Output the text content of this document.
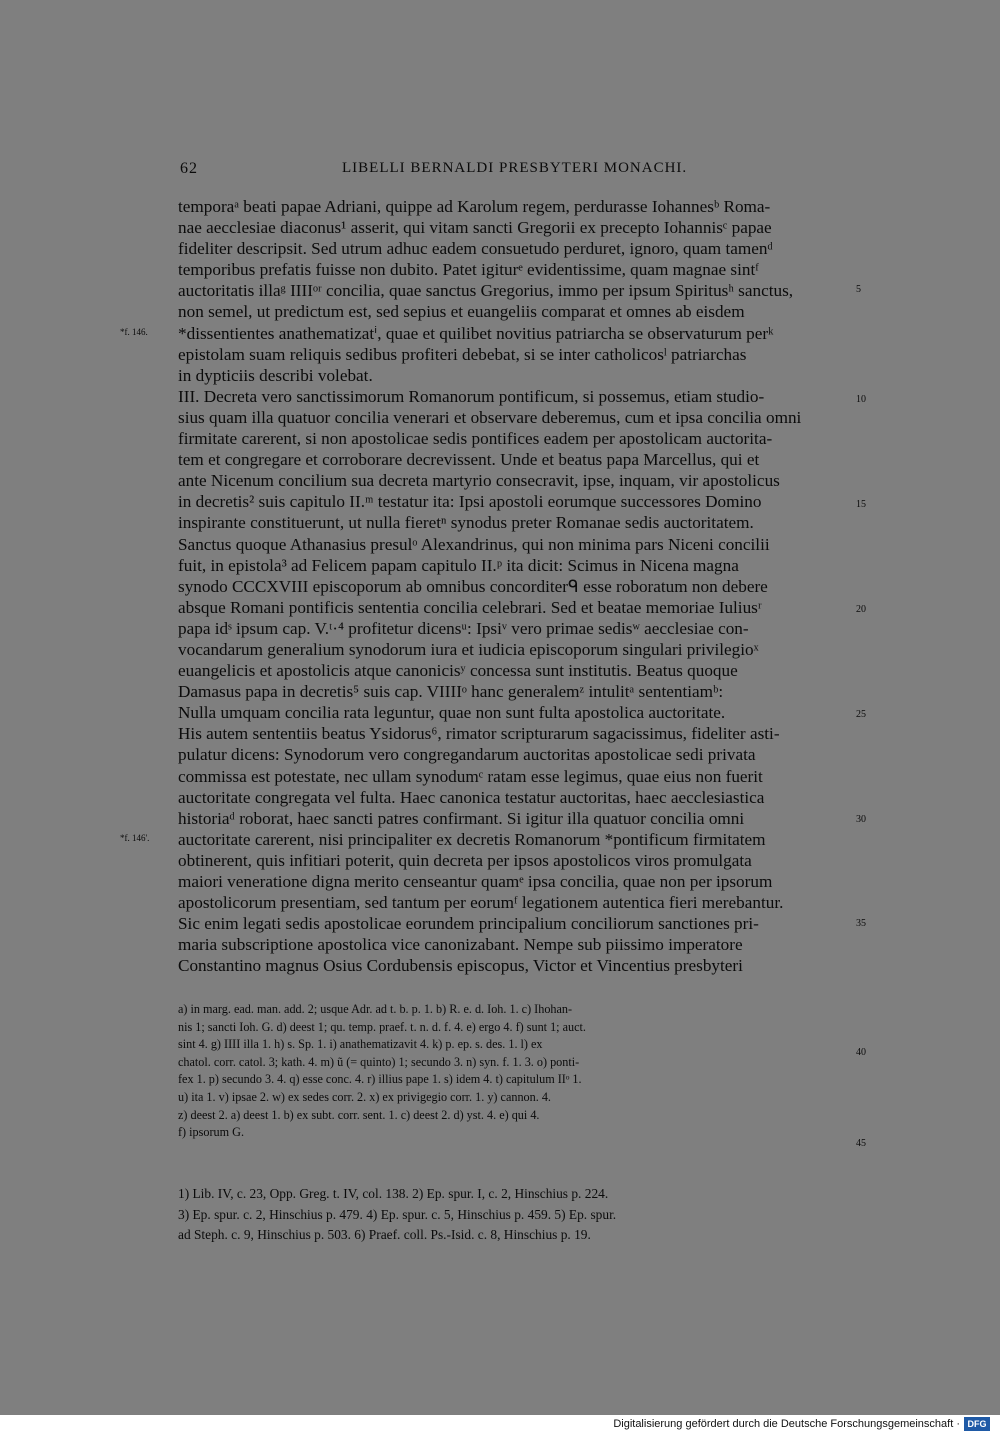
62	LIBELLI BERNALDI PRESBYTERI MONACHI.
temporaᵃ beati papae Adriani, quippe ad Karolum regem, perdurasse Iohannesᵇ Roma-
nae aecclesiae diaconus¹ asserit, qui vitam sancti Gregorii ex precepto Iohannisᶜ papae
fideliter descripsit. Sed utrum adhuc eadem consuetudo perduret, ignoro, quam tamenᵈ
temporibus prefatis fuisse non dubito. Patet igiturᵉ evidentissime, quam magnae sintᶠ
auctoritatis illaᵍ IIIIᵒʳ concilia, quae sanctus Gregorius, immo per ipsum Spiritusʰ sanctus,
non semel, ut predictum est, sed sepius et euangeliis comparat et omnes ab eisdem
*dissentientes anathematizatⁱ, quae et quilibet novitius patriarcha se observaturum perᵏ
epistolam suam reliquis sedibus profiteri debebat, si se inter catholicosˡ patriarchas
in dypticiis describi volebat.
III. Decreta vero sanctissimorum Romanorum pontificum, si possemus, etiam studio-
sius quam illa quatuor concilia venerari et observare deberemus, cum et ipsa concilia omni
firmitate carerent, si non apostolicae sedis pontifices eadem per apostolicam auctorita-
tem et congregare et corroborare decrevissent. Unde et beatus papa Marcellus, qui et
ante Nicenum concilium sua decreta martyrio consecravit, ipse, inquam, vir apostolicus
in decretis² suis capitulo II.ᵐ testatur ita: Ipsi apostoli eorumque successores Domino
inspirante constituerunt, ut nulla fieretⁿ synodus preter Romanae sedis auctoritatem.
Sanctus quoque Athanasius presulᵒ Alexandrinus, qui non minima pars Niceni concilii
fuit, in epistola³ ad Felicem papam capitulo II.ᵖ ita dicit: Scimus in Nicena magna
synodo CCCXVIII episcoporum ab omnibus concorditerᑫ esse roboratum non debere
absque Romani pontificis sententia concilia celebrari. Sed et beatae memoriae Iuliusʳ
papa idˢ ipsum cap. V.ᵗ·⁴ profitetur dicensᵘ: Ipsiᵛ vero primae sedisʷ aecclesiae con-
vocandarum generalium synodorum iura et iudicia episcoporum singulari privilegioˣ
euangelicis et apostolicis atque canonicisʸ concessa sunt institutis. Beatus quoque
Damasus papa in decretis⁵ suis cap. VIIIIᵒ hanc generalemᶻ intulitᵃ sententiamᵇ:
Nulla umquam concilia rata leguntur, quae non sunt fulta apostolica auctoritate.
His autem sententiis beatus Ysidorus⁶, rimator scripturarum sagacissimus, fideliter asti-
pulatur dicens: Synodorum vero congregandarum auctoritas apostolicae sedi privata
commissa est potestate, nec ullam synodumᶜ ratam esse legimus, quae eius non fuerit
auctoritate congregata vel fulta. Haec canonica testatur auctoritas, haec aecclesiastica
historiaᵈ roborat, haec sancti patres confirmant. Si igitur illa quatuor concilia omni
auctoritate carerent, nisi principaliter ex decretis Romanorum *pontificum firmitatem
obtinerent, quis infitiari poterit, quin decreta per ipsos apostolicos viros promulgata
maiori veneratione digna merito censeantur quamᵉ ipsa concilia, quae non per ipsorum
apostolicorum presentiam, sed tantum per eorumᶠ legationem autentica fieri merebantur.
Sic enim legati sedis apostolicae eorundem principalium conciliorum sanctiones pri-
maria subscriptione apostolica vice canonizabant. Nempe sub piissimo imperatore
Constantino magnus Osius Cordubensis episcopus, Victor et Vincentius presbyteri
5
10
15
20
25
30
35
*f. 146.
*f. 146'.
a) in marg. ead. man. add. 2; usque Adr. ad t. b. p. 1. b) R. e. d. Ioh. 1. c) Ihohan-
nis 1; sancti Ioh. G. d) deest 1; qu. temp. praef. t. n. d. f. 4. e) ergo 4. f) sunt 1; auct.
sint 4. g) IIII illa 1. h) s. Sp. 1. i) anathematizavit 4. k) p. ep. s. des. 1. l) ex
chatol. corr. catol. 3; kath. 4. m) ũ (= quinto) 1; secundo 3. n) syn. f. 1. 3. o) ponti-
fex 1. p) secundo 3. 4. q) esse conc. 4. r) illius pape 1. s) idem 4. t) capitulum IIᵒ 1.
u) ita 1. v) ipsae 2. w) ex sedes corr. 2. x) ex privigegio corr. 1. y) cannon. 4.
z) deest 2. a) deest 1. b) ex subt. corr. sent. 1. c) deest 2. d) yst. 4. e) qui 4.
f) ipsorum G.
40
45
1) Lib. IV, c. 23, Opp. Greg. t. IV, col. 138. 2) Ep. spur. I, c. 2, Hinschius p. 224.
3) Ep. spur. c. 2, Hinschius p. 479. 4) Ep. spur. c. 5, Hinschius p. 459. 5) Ep. spur.
ad Steph. c. 9, Hinschius p. 503. 6) Praef. coll. Ps.-Isid. c. 8, Hinschius p. 19.
Digitalisierung gefördert durch die Deutsche Forschungsgemeinschaft · DFG
